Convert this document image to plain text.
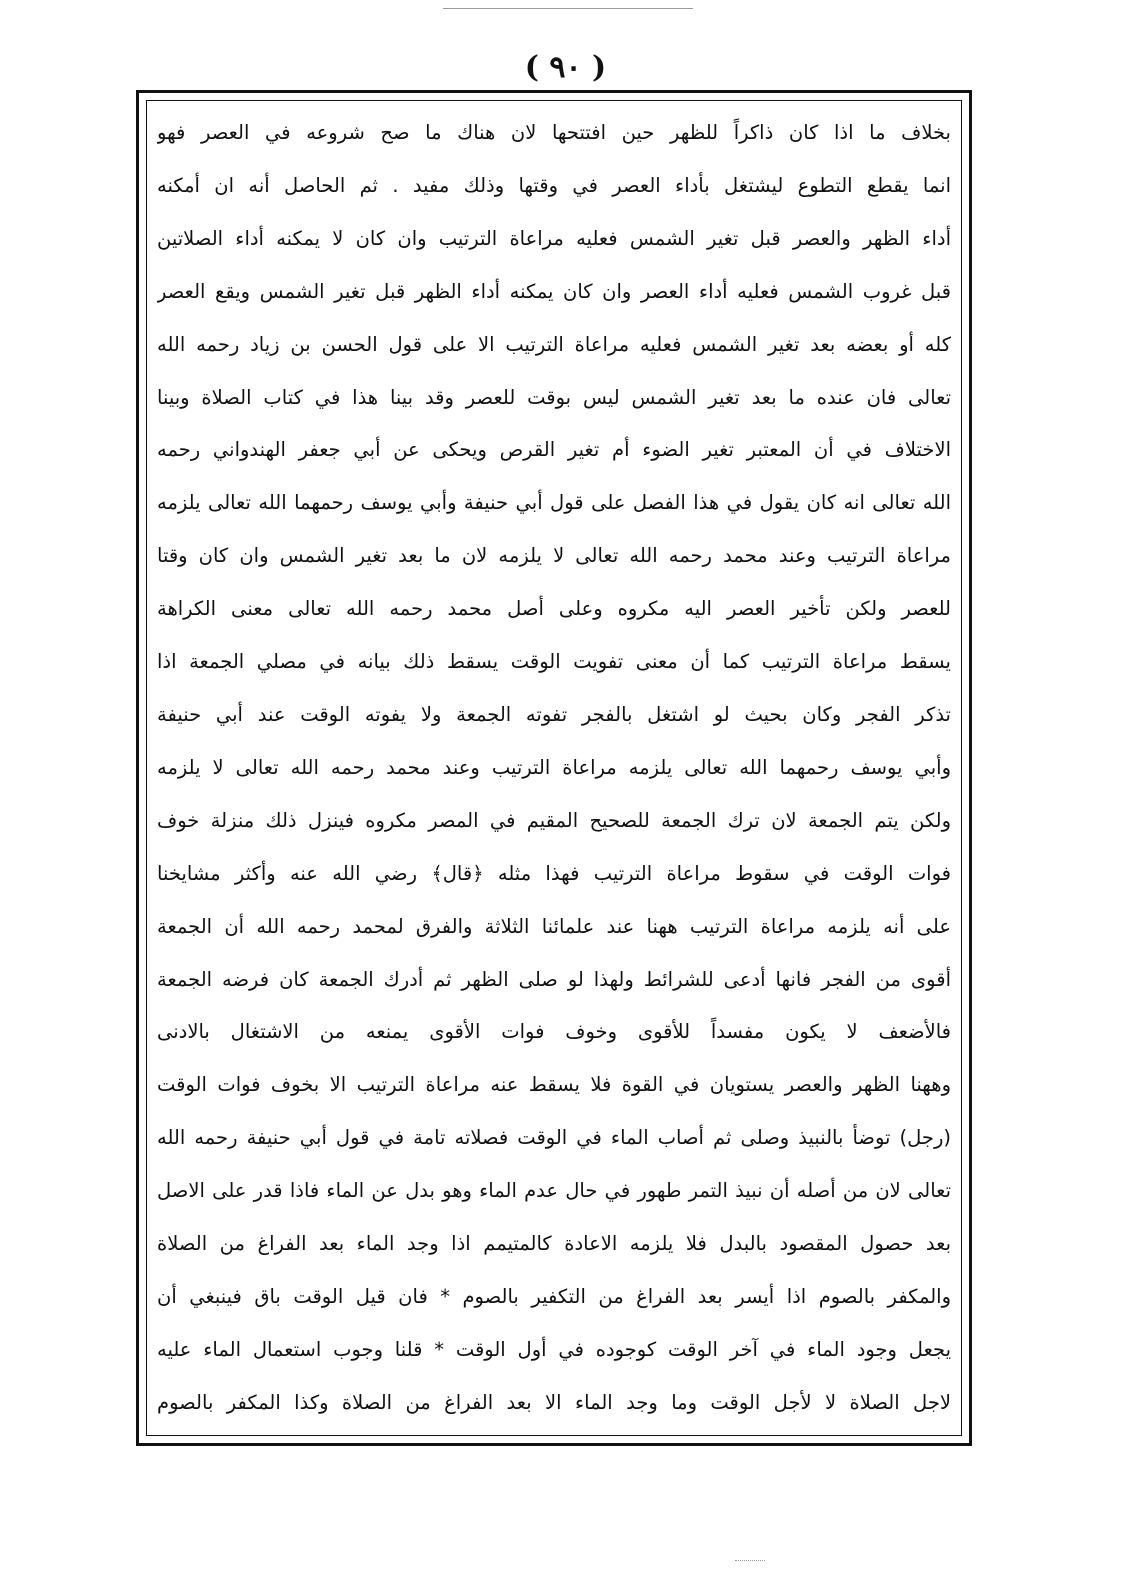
( ٩٠ )
بخلاف ما اذا كان ذاكراً للظهر حين افتتحها لان هناك ما صح شروعه في العصر فهو
انما يقطع التطوع ليشتغل بأداء العصر في وقتها وذلك مفيد . ثم الحاصل أنه ان أمكنه
أداء الظهر والعصر قبل تغير الشمس فعليه مراعاة الترتيب وان كان لا يمكنه أداء الصلاتين
قبل غروب الشمس فعليه أداء العصر وان كان يمكنه أداء الظهر قبل تغير الشمس ويقع العصر
كله أو بعضه بعد تغير الشمس فعليه مراعاة الترتيب الا على قول الحسن بن زياد رحمه الله
تعالى فان عنده ما بعد تغير الشمس ليس بوقت للعصر وقد بينا هذا في كتاب الصلاة وبينا
الاختلاف في أن المعتبر تغير الضوء أم تغير القرص ويحكى عن أبي جعفر الهندواني رحمه
الله تعالى انه كان يقول في هذا الفصل على قول أبي حنيفة وأبي يوسف رحمهما الله تعالى يلزمه
مراعاة الترتيب وعند محمد رحمه الله تعالى لا يلزمه لان ما بعد تغير الشمس وان كان وقتا
للعصر ولكن تأخير العصر اليه مكروه وعلى أصل محمد رحمه الله تعالى معنى الكراهة
يسقط مراعاة الترتيب كما أن معنى تفويت الوقت يسقط ذلك بيانه في مصلي الجمعة اذا
تذكر الفجر وكان بحيث لو اشتغل بالفجر تفوته الجمعة ولا يفوته الوقت عند أبي حنيفة
وأبي يوسف رحمهما الله تعالى يلزمه مراعاة الترتيب وعند محمد رحمه الله تعالى لا يلزمه
ولكن يتم الجمعة لان ترك الجمعة للصحيح المقيم في المصر مكروه فينزل ذلك منزلة خوف
فوات الوقت في سقوط مراعاة الترتيب فهذا مثله ﴿قال﴾ رضي الله عنه وأكثر مشايخنا
على أنه يلزمه مراعاة الترتيب ههنا عند علمائنا الثلاثة والفرق لمحمد رحمه الله أن الجمعة
أقوى من الفجر فانها أدعى للشرائط ولهذا لو صلى الظهر ثم أدرك الجمعة كان فرضه الجمعة
فالأضعف لا يكون مفسداً للأقوى وخوف فوات الأقوى يمنعه من الاشتغال بالادنى
وههنا الظهر والعصر يستويان في القوة فلا يسقط عنه مراعاة الترتيب الا بخوف فوات الوقت
(رجل) توضأ بالنبيذ وصلى ثم أصاب الماء في الوقت فصلاته تامة في قول أبي حنيفة رحمه الله
تعالى لان من أصله أن نبيذ التمر طهور في حال عدم الماء وهو بدل عن الماء فاذا قدر على الاصل
بعد حصول المقصود بالبدل فلا يلزمه الاعادة كالمتيمم اذا وجد الماء بعد الفراغ من الصلاة
والمكفر بالصوم اذا أيسر بعد الفراغ من التكفير بالصوم * فان قيل الوقت باق فينبغي أن
يجعل وجود الماء في آخر الوقت كوجوده في أول الوقت * قلنا وجوب استعمال الماء عليه
لاجل الصلاة لا لأجل الوقت وما وجد الماء الا بعد الفراغ من الصلاة وكذا المكفر بالصوم
